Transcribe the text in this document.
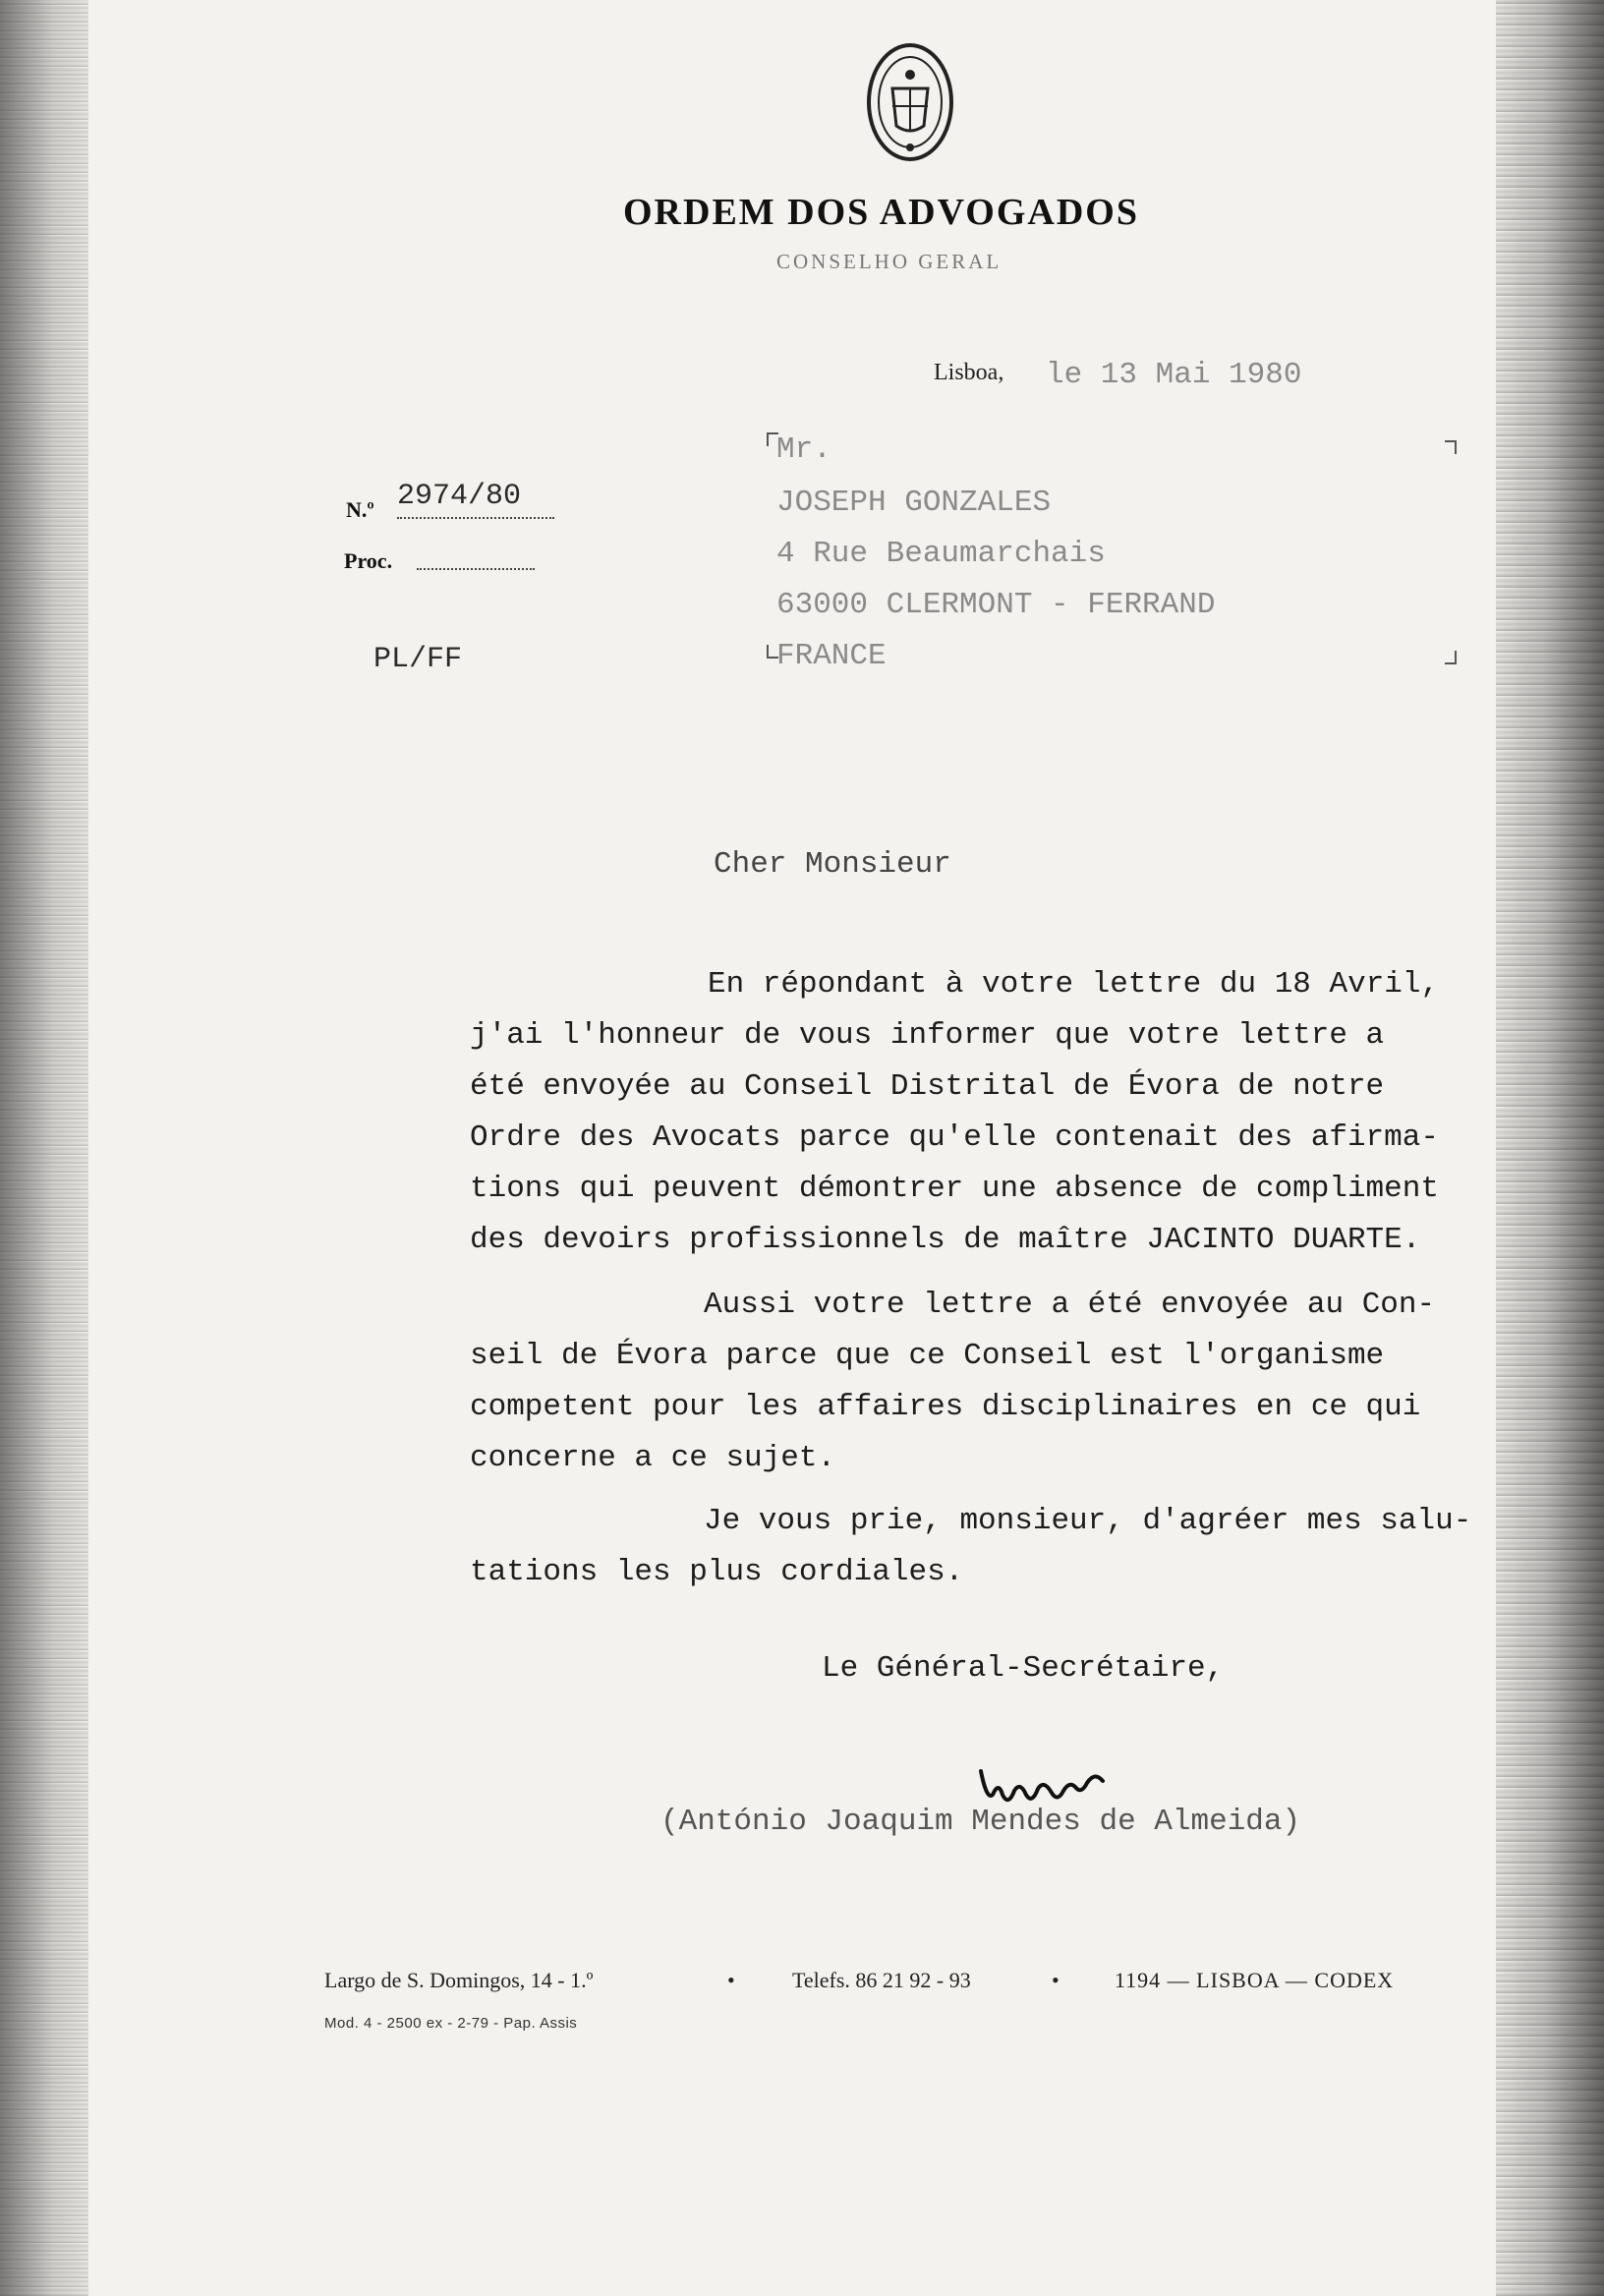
ORDEM DOS ADVOGADOS
CONSELHO GERAL
Lisboa, le 13 Mai 1980
N.º 2974/80
Proc.
PL/FF
Mr.
JOSEPH GONZALES
4 Rue Beaumarchais
63000 CLERMONT - FERRAND
FRANCE
Cher Monsieur
En répondant à votre lettre du 18 Avril,
j'ai l'honneur de vous informer que votre lettre a
été envoyée au Conseil Distrital de Évora de notre
Ordre des Avocats parce qu'elle contenait des afirma-
tions qui peuvent démontrer une absence de compliment
des devoirs profissionnels de maître JACINTO DUARTE.
Aussi votre lettre a été envoyée au Con-
seil de Évora parce que ce Conseil est l'organisme
competent pour les affaires disciplinaires en ce qui
concerne a ce sujet.
Je vous prie, monsieur, d'agréer mes salu-
tations les plus cordiales.
Le Général-Secrétaire,
(António Joaquim Mendes de Almeida)
Largo de S. Domingos, 14 - 1.º	•	Telefs. 86 21 92 - 93	•	1194 — LISBOA — CODEX
Mod. 4 - 2500 ex - 2-79 - Pap. Assis
